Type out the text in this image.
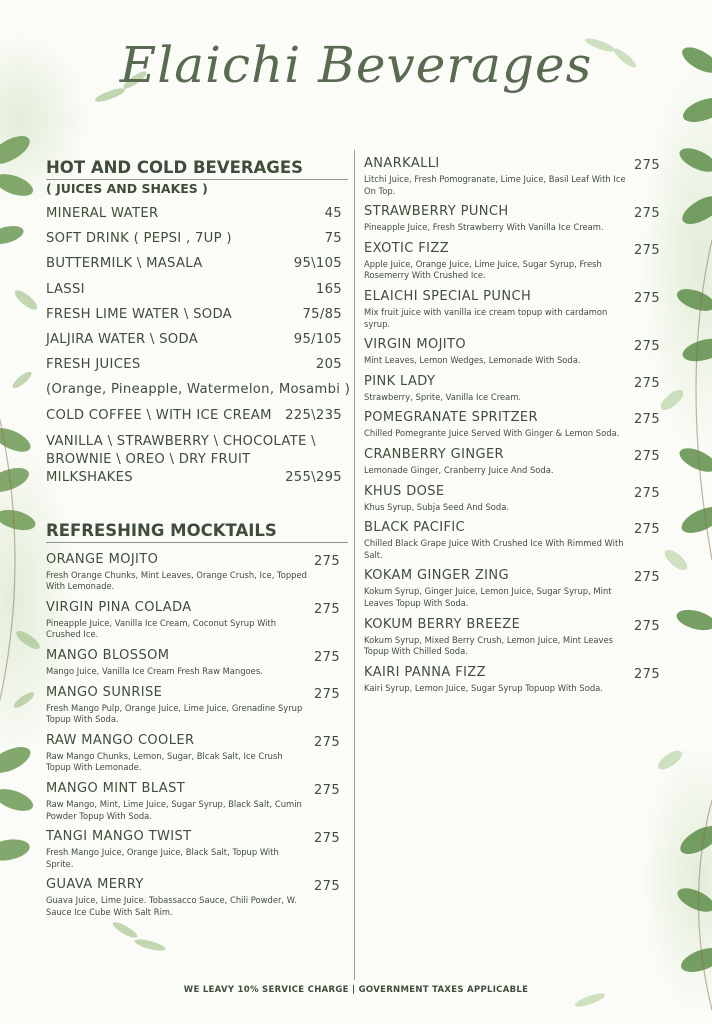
Elaichi Beverages
HOT AND COLD BEVERAGES
( JUICES AND SHAKES )
MINERAL WATER	45
SOFT DRINK ( PEPSI , 7UP )	75
BUTTERMILK \ MASALA	95\105
LASSI	165
FRESH LIME WATER \ SODA	75/85
JALJIRA WATER \ SODA	95/105
FRESH JUICES	205
(Orange, Pineapple, Watermelon, Mosambi )
COLD COFFEE \ WITH ICE CREAM 225\235
VANILLA \ STRAWBERRY \ CHOCOLATE \
BROWNIE \ OREO \ DRY FRUIT
MILKSHAKES	255\295
REFRESHING MOCKTAILS
ORANGE MOJITO	275
Fresh Orange Chunks, Mint Leaves, Orange Crush, Ice, Topped With Lemonade.
VIRGIN PINA COLADA	275
Pineapple Juice, Vanilla Ice Cream, Coconut Syrup With Crushed Ice.
MANGO BLOSSOM	275
Mango Juice, Vanilla Ice Cream Fresh Raw Mangoes.
MANGO SUNRISE	275
Fresh Mango Pulp, Orange Juice, Lime Juice, Grenadine Syrup Topup With Soda.
RAW MANGO COOLER	275
Raw Mango Chunks, Lemon, Sugar, Blcak Salt, Ice Crush Topup With Lemonade.
MANGO MINT BLAST	275
Raw Mango, Mint, Lime Juice, Sugar Syrup, Black Salt, Cumin Powder Topup With Soda.
TANGI MANGO TWIST	275
Fresh Mango Juice, Orange Juice, Black Salt, Topup With Sprite.
GUAVA MERRY	275
Guava Juice, Lime Juice. Tobassacco Sauce, Chili Powder, W. Sauce Ice Cube With Salt Rim.
ANARKALLI	275
Litchi Juice, Fresh Pomogranate, Lime Juice, Basil Leaf With Ice On Top.
STRAWBERRY PUNCH	275
Pineapple Juice, Fresh Strawberry With Vanilla Ice Cream.
EXOTIC FIZZ	275
Apple Juice, Orange Juice, Lime Juice, Sugar Syrup, Fresh Rosemerry With Crushed Ice.
ELAICHI SPECIAL PUNCH	275
Mix fruit juice with vanilla ice cream topup with cardamon syrup.
VIRGIN MOJITO	275
Mint Leaves, Lemon Wedges, Lemonade With Soda.
PINK LADY	275
Strawberry, Sprite, Vanilla Ice Cream.
POMEGRANATE SPRITZER	275
Chilled Pomegrante Juice Served With Ginger & Lemon Soda.
CRANBERRY GINGER	275
Lemonade Ginger, Cranberry Juice And Soda.
KHUS DOSE	275
Khus Syrup, Subja Seed And Soda.
BLACK PACIFIC	275
Chilled Black Grape Juice With Crushed Ice With Rimmed With Salt.
KOKAM GINGER ZING	275
Kokum Syrup, Ginger Juice, Lemon Juice, Sugar Syrup, Mint Leaves Topup With Soda.
KOKUM BERRY BREEZE	275
Kokum Syrup, Mixed Berry Crush, Lemon Juice, Mint Leaves Topup With Chilled Soda.
KAIRI PANNA FIZZ	275
Kairi Syrup, Lemon Juice, Sugar Syrup Topuop With Soda.
WE LEAVY 10% SERVICE CHARGE | GOVERNMENT TAXES APPLICABLE
